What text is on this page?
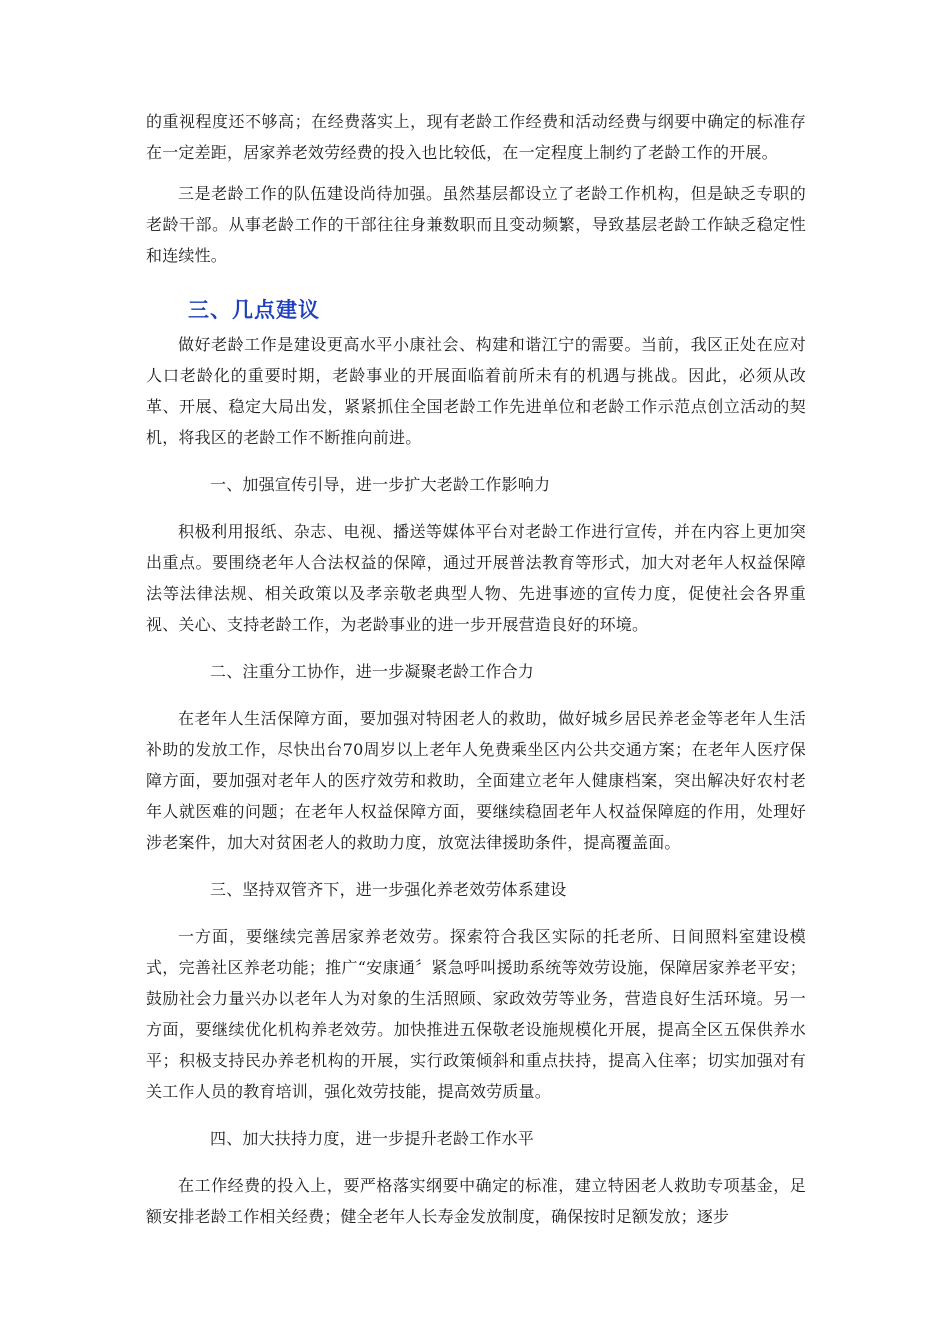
的重视程度还不够高；在经费落实上，现有老龄工作经费和活动经费与纲要中确定的标准存在一定差距，居家养老效劳经费的投入也比较低，在一定程度上制约了老龄工作的开展。

三是老龄工作的队伍建设尚待加强。虽然基层都设立了老龄工作机构，但是缺乏专职的老龄干部。从事老龄工作的干部往往身兼数职而且变动频繁，导致基层老龄工作缺乏稳定性和连续性。

三、几点建议

做好老龄工作是建设更高水平小康社会、构建和谐江宁的需要。当前，我区正处在应对人口老龄化的重要时期，老龄事业的开展面临着前所未有的机遇与挑战。因此，必须从改革、开展、稳定大局出发，紧紧抓住全国老龄工作先进单位和老龄工作示范点创立活动的契机，将我区的老龄工作不断推向前进。

一、加强宣传引导，进一步扩大老龄工作影响力

积极利用报纸、杂志、电视、播送等媒体平台对老龄工作进行宣传，并在内容上更加突出重点。要围绕老年人合法权益的保障，通过开展普法教育等形式，加大对老年人权益保障法等法律法规、相关政策以及孝亲敬老典型人物、先进事迹的宣传力度，促使社会各界重视、关心、支持老龄工作，为老龄事业的进一步开展营造良好的环境。

二、注重分工协作，进一步凝聚老龄工作合力

在老年人生活保障方面，要加强对特困老人的救助，做好城乡居民养老金等老年人生活补助的发放工作，尽快出台70周岁以上老年人免费乘坐区内公共交通方案；在老年人医疗保障方面，要加强对老年人的医疗效劳和救助，全面建立老年人健康档案，突出解决好农村老年人就医难的问题；在老年人权益保障方面，要继续稳固老年人权益保障庭的作用，处理好涉老案件，加大对贫困老人的救助力度，放宽法律援助条件，提高覆盖面。

三、坚持双管齐下，进一步强化养老效劳体系建设

一方面，要继续完善居家养老效劳。探索符合我区实际的托老所、日间照料室建设模式，完善社区养老功能；推广“安康通〞紧急呼叫援助系统等效劳设施，保障居家养老平安；鼓励社会力量兴办以老年人为对象的生活照顾、家政效劳等业务，营造良好生活环境。另一方面，要继续优化机构养老效劳。加快推进五保敬老设施规模化开展，提高全区五保供养水平；积极支持民办养老机构的开展，实行政策倾斜和重点扶持，提高入住率；切实加强对有关工作人员的教育培训，强化效劳技能，提高效劳质量。

四、加大扶持力度，进一步提升老龄工作水平

在工作经费的投入上，要严格落实纲要中确定的标准，建立特困老人救助专项基金，足额安排老龄工作相关经费；健全老年人长寿金发放制度，确保按时足额发放；逐步
